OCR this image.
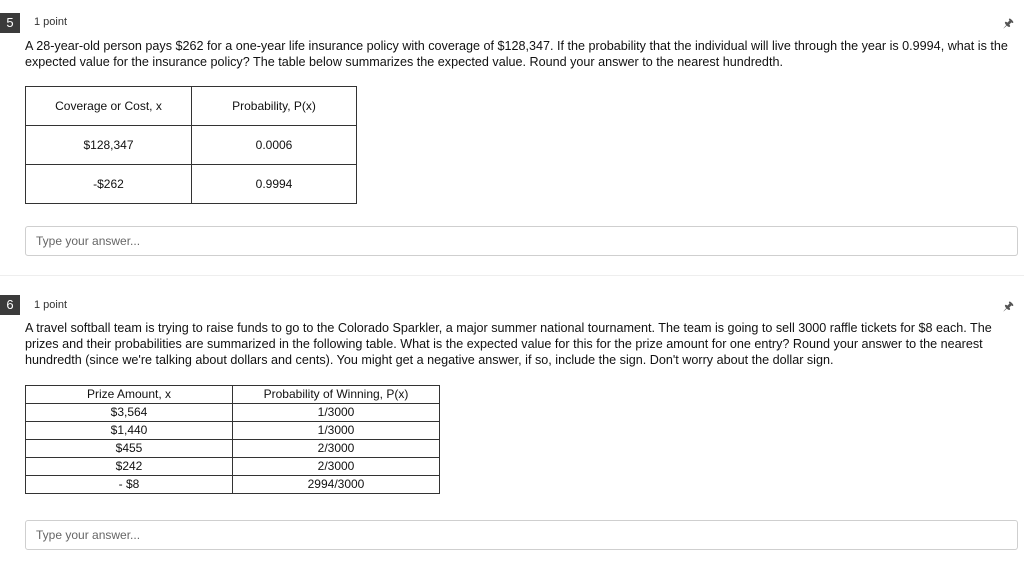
5	1 point	🖈
A 28-year-old person pays $262 for a one-year life insurance policy with coverage of $128,347. If the probability that the individual will live through the year is 0.9994, what is the expected value for the insurance policy? The table below summarizes the expected value. Round your answer to the nearest hundredth.
Coverage or Cost, x	Probability, P(x)
$128,347	0.0006
-$262	0.9994
Type your answer...
6	1 point	🖈
A travel softball team is trying to raise funds to go to the Colorado Sparkler, a major summer national tournament. The team is going to sell 3000 raffle tickets for $8 each. The prizes and their probabilities are summarized in the following table. What is the expected value for this for the prize amount for one entry? Round your answer to the nearest hundredth (since we're talking about dollars and cents). You might get a negative answer, if so, include the sign. Don't worry about the dollar sign.
Prize Amount, x	Probability of Winning, P(x)
$3,564	1/3000
$1,440	1/3000
$455	2/3000
$242	2/3000
- $8	2994/3000
Type your answer...
